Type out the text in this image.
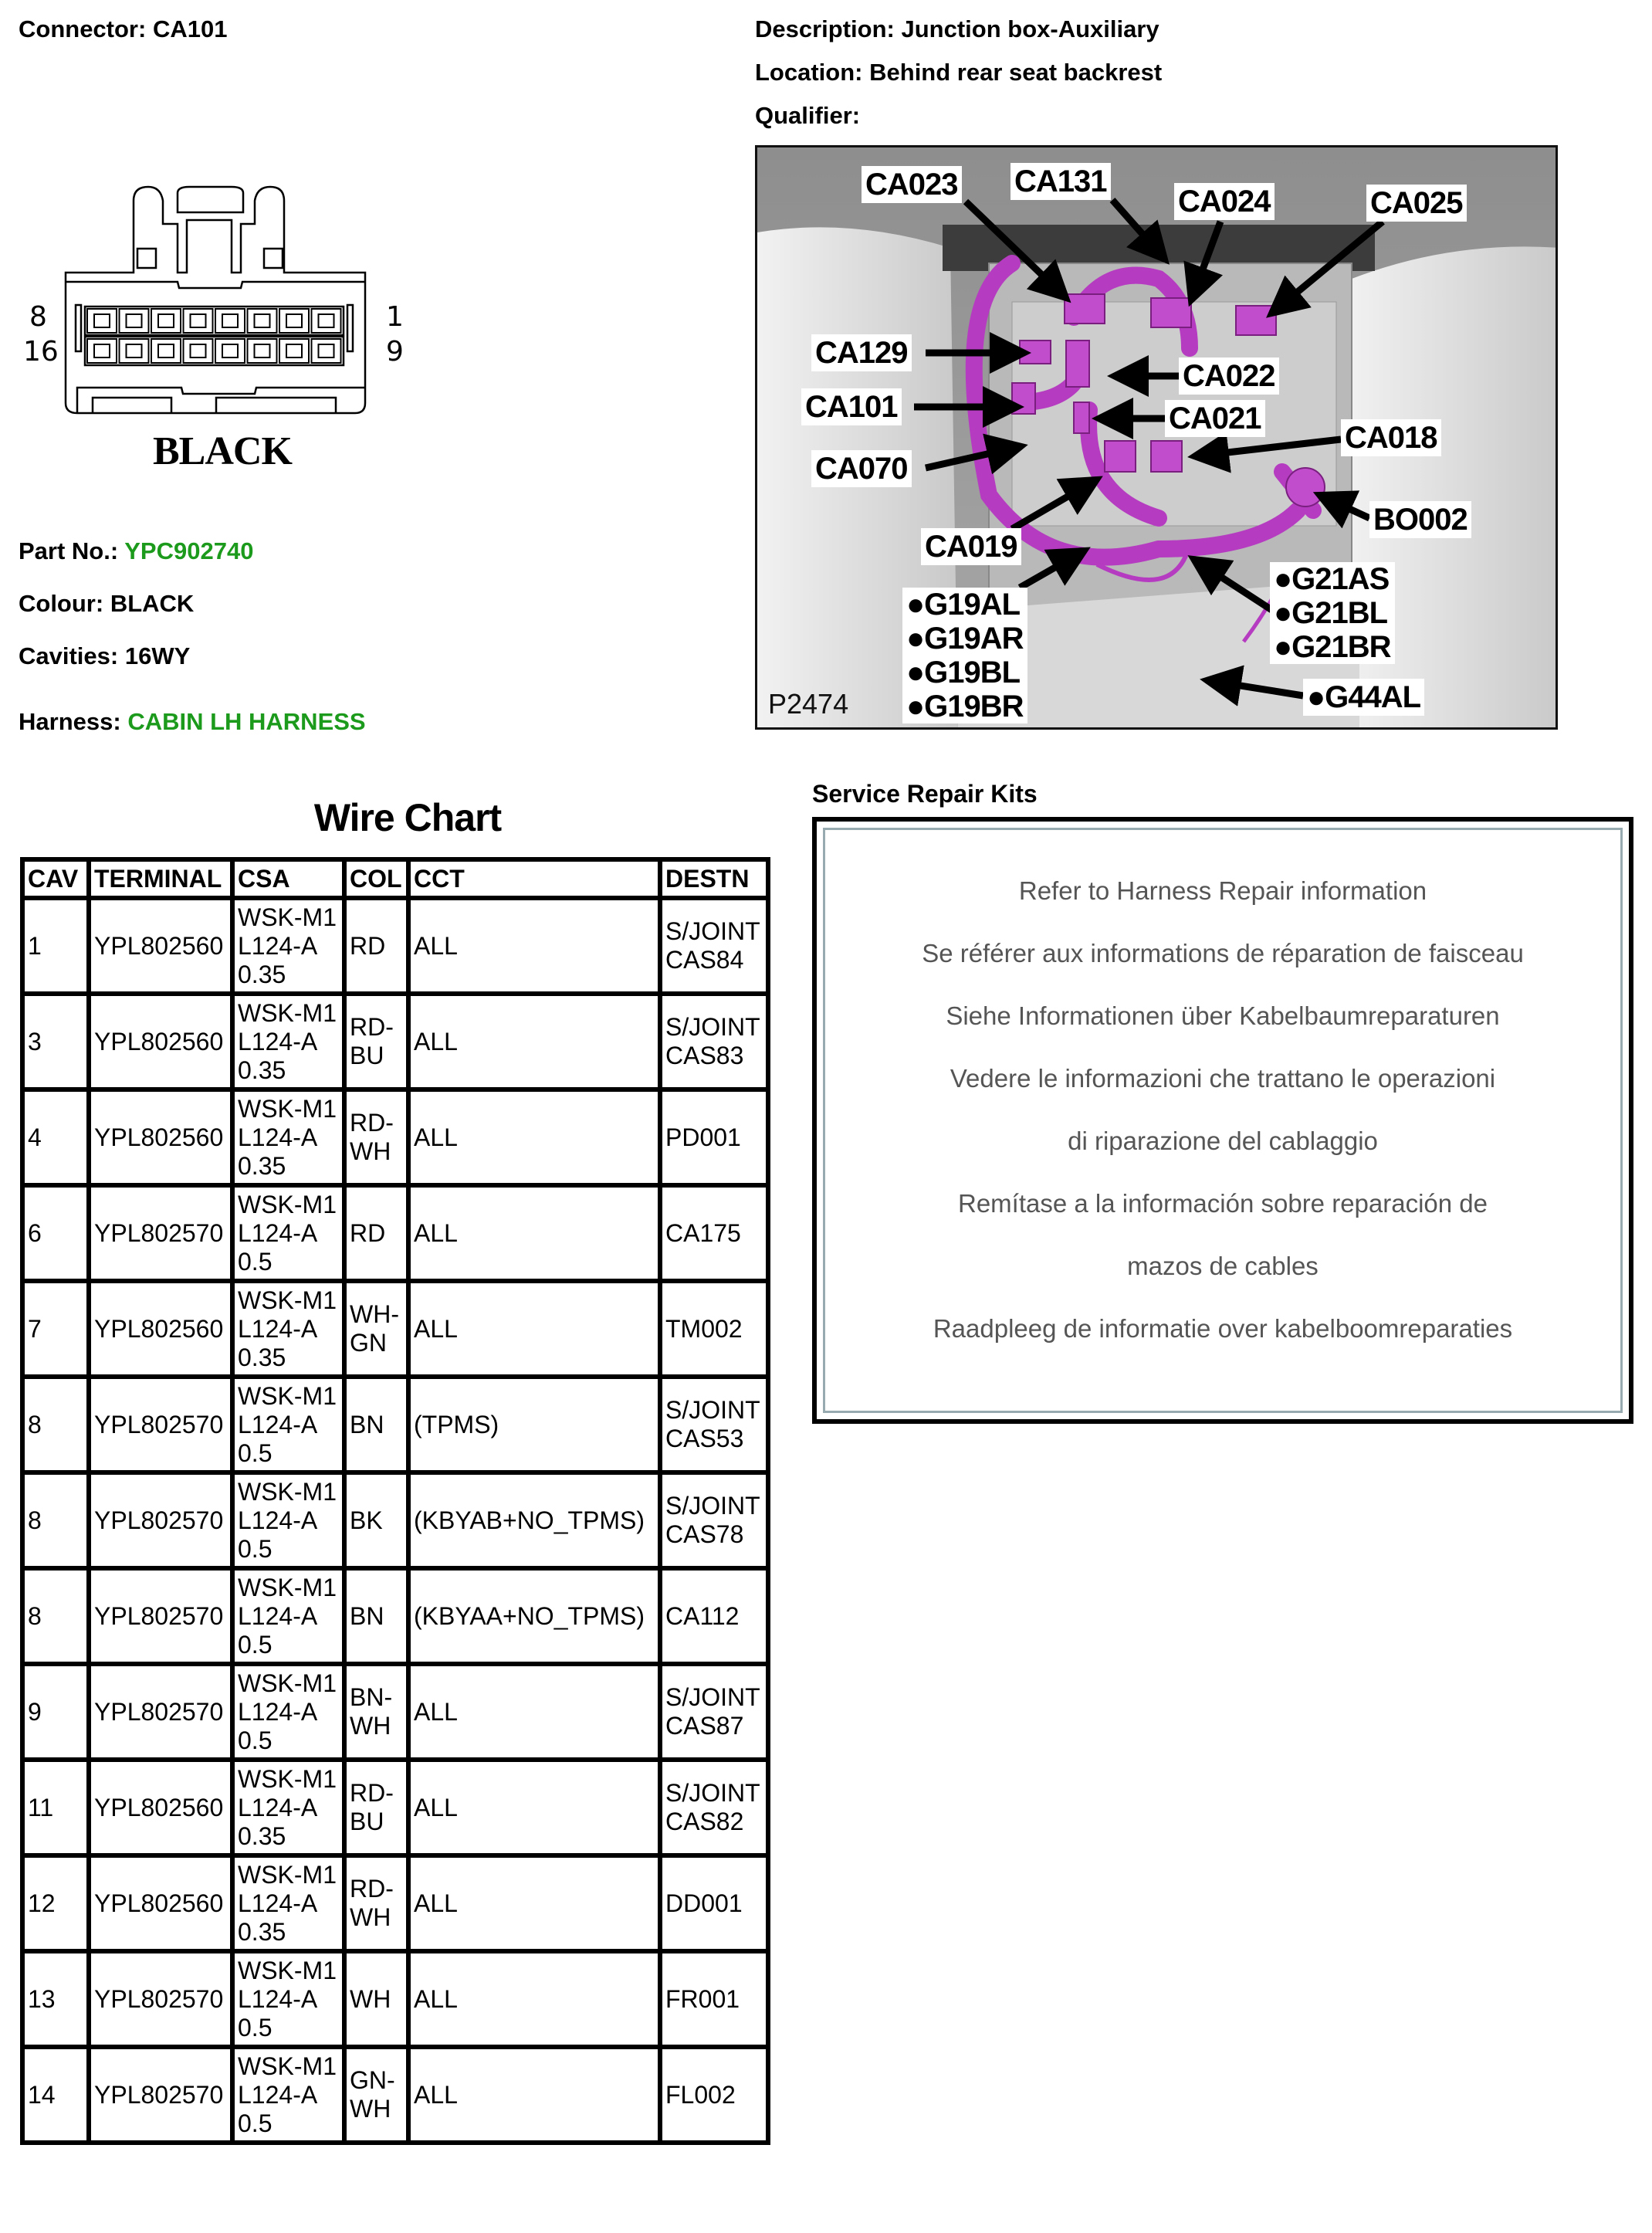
Connector: CA101	Description: Junction box-Auxiliary
Location: Behind rear seat backrest
Qualifier:
8
16
1
9
BLACK
Part No.: YPC902740
Colour: BLACK
Cavities: 16WY
Harness: CABIN LH HARNESS
CA023 CA131
CA024	CA025
CA129
CA022
CA101	CA021
CA018
CA070
BO002
CA019
●G44AL
●G21AS
●G21BL
●G21BR
●G19AL
●G19AR
●G19BL
●G19BR
P2474
Wire Chart
CAV	TERMINAL	CSA	COL	CCT	DESTN
1	YPL802560	WSK-M1L124-A 0.35	RD	ALL	S/JOINT CAS84
3	YPL802560	WSK-M1L124-A 0.35	RD-BU	ALL	S/JOINT CAS83
4	YPL802560	WSK-M1L124-A 0.35	RD-WH	ALL	PD001
6	YPL802570	WSK-M1L124-A 0.5	RD	ALL	CA175
7	YPL802560	WSK-M1L124-A 0.35	WH-GN	ALL	TM002
8	YPL802570	WSK-M1L124-A 0.5	BN	(TPMS)	S/JOINT CAS53
8	YPL802570	WSK-M1L124-A 0.5	BK	(KBYAB+NO_TPMS)	S/JOINT CAS78
8	YPL802570	WSK-M1L124-A 0.5	BN	(KBYAA+NO_TPMS)	CA112
9	YPL802570	WSK-M1L124-A 0.5	BN-WH	ALL	S/JOINT CAS87
11	YPL802560	WSK-M1L124-A 0.35	RD-BU	ALL	S/JOINT CAS82
12	YPL802560	WSK-M1L124-A 0.35	RD-WH	ALL	DD001
13	YPL802570	WSK-M1L124-A 0.5	WH	ALL	FR001
14	YPL802570	WSK-M1L124-A 0.5	GN-WH	ALL	FL002
Service Repair Kits
Refer to Harness Repair information
Se référer aux informations de réparation de faisceau
Siehe Informationen über Kabelbaumreparaturen
Vedere le informazioni che trattano le operazioni
di riparazione del cablaggio
Remítase a la información sobre reparación de
mazos de cables
Raadpleeg de informatie over kabelboomreparaties
